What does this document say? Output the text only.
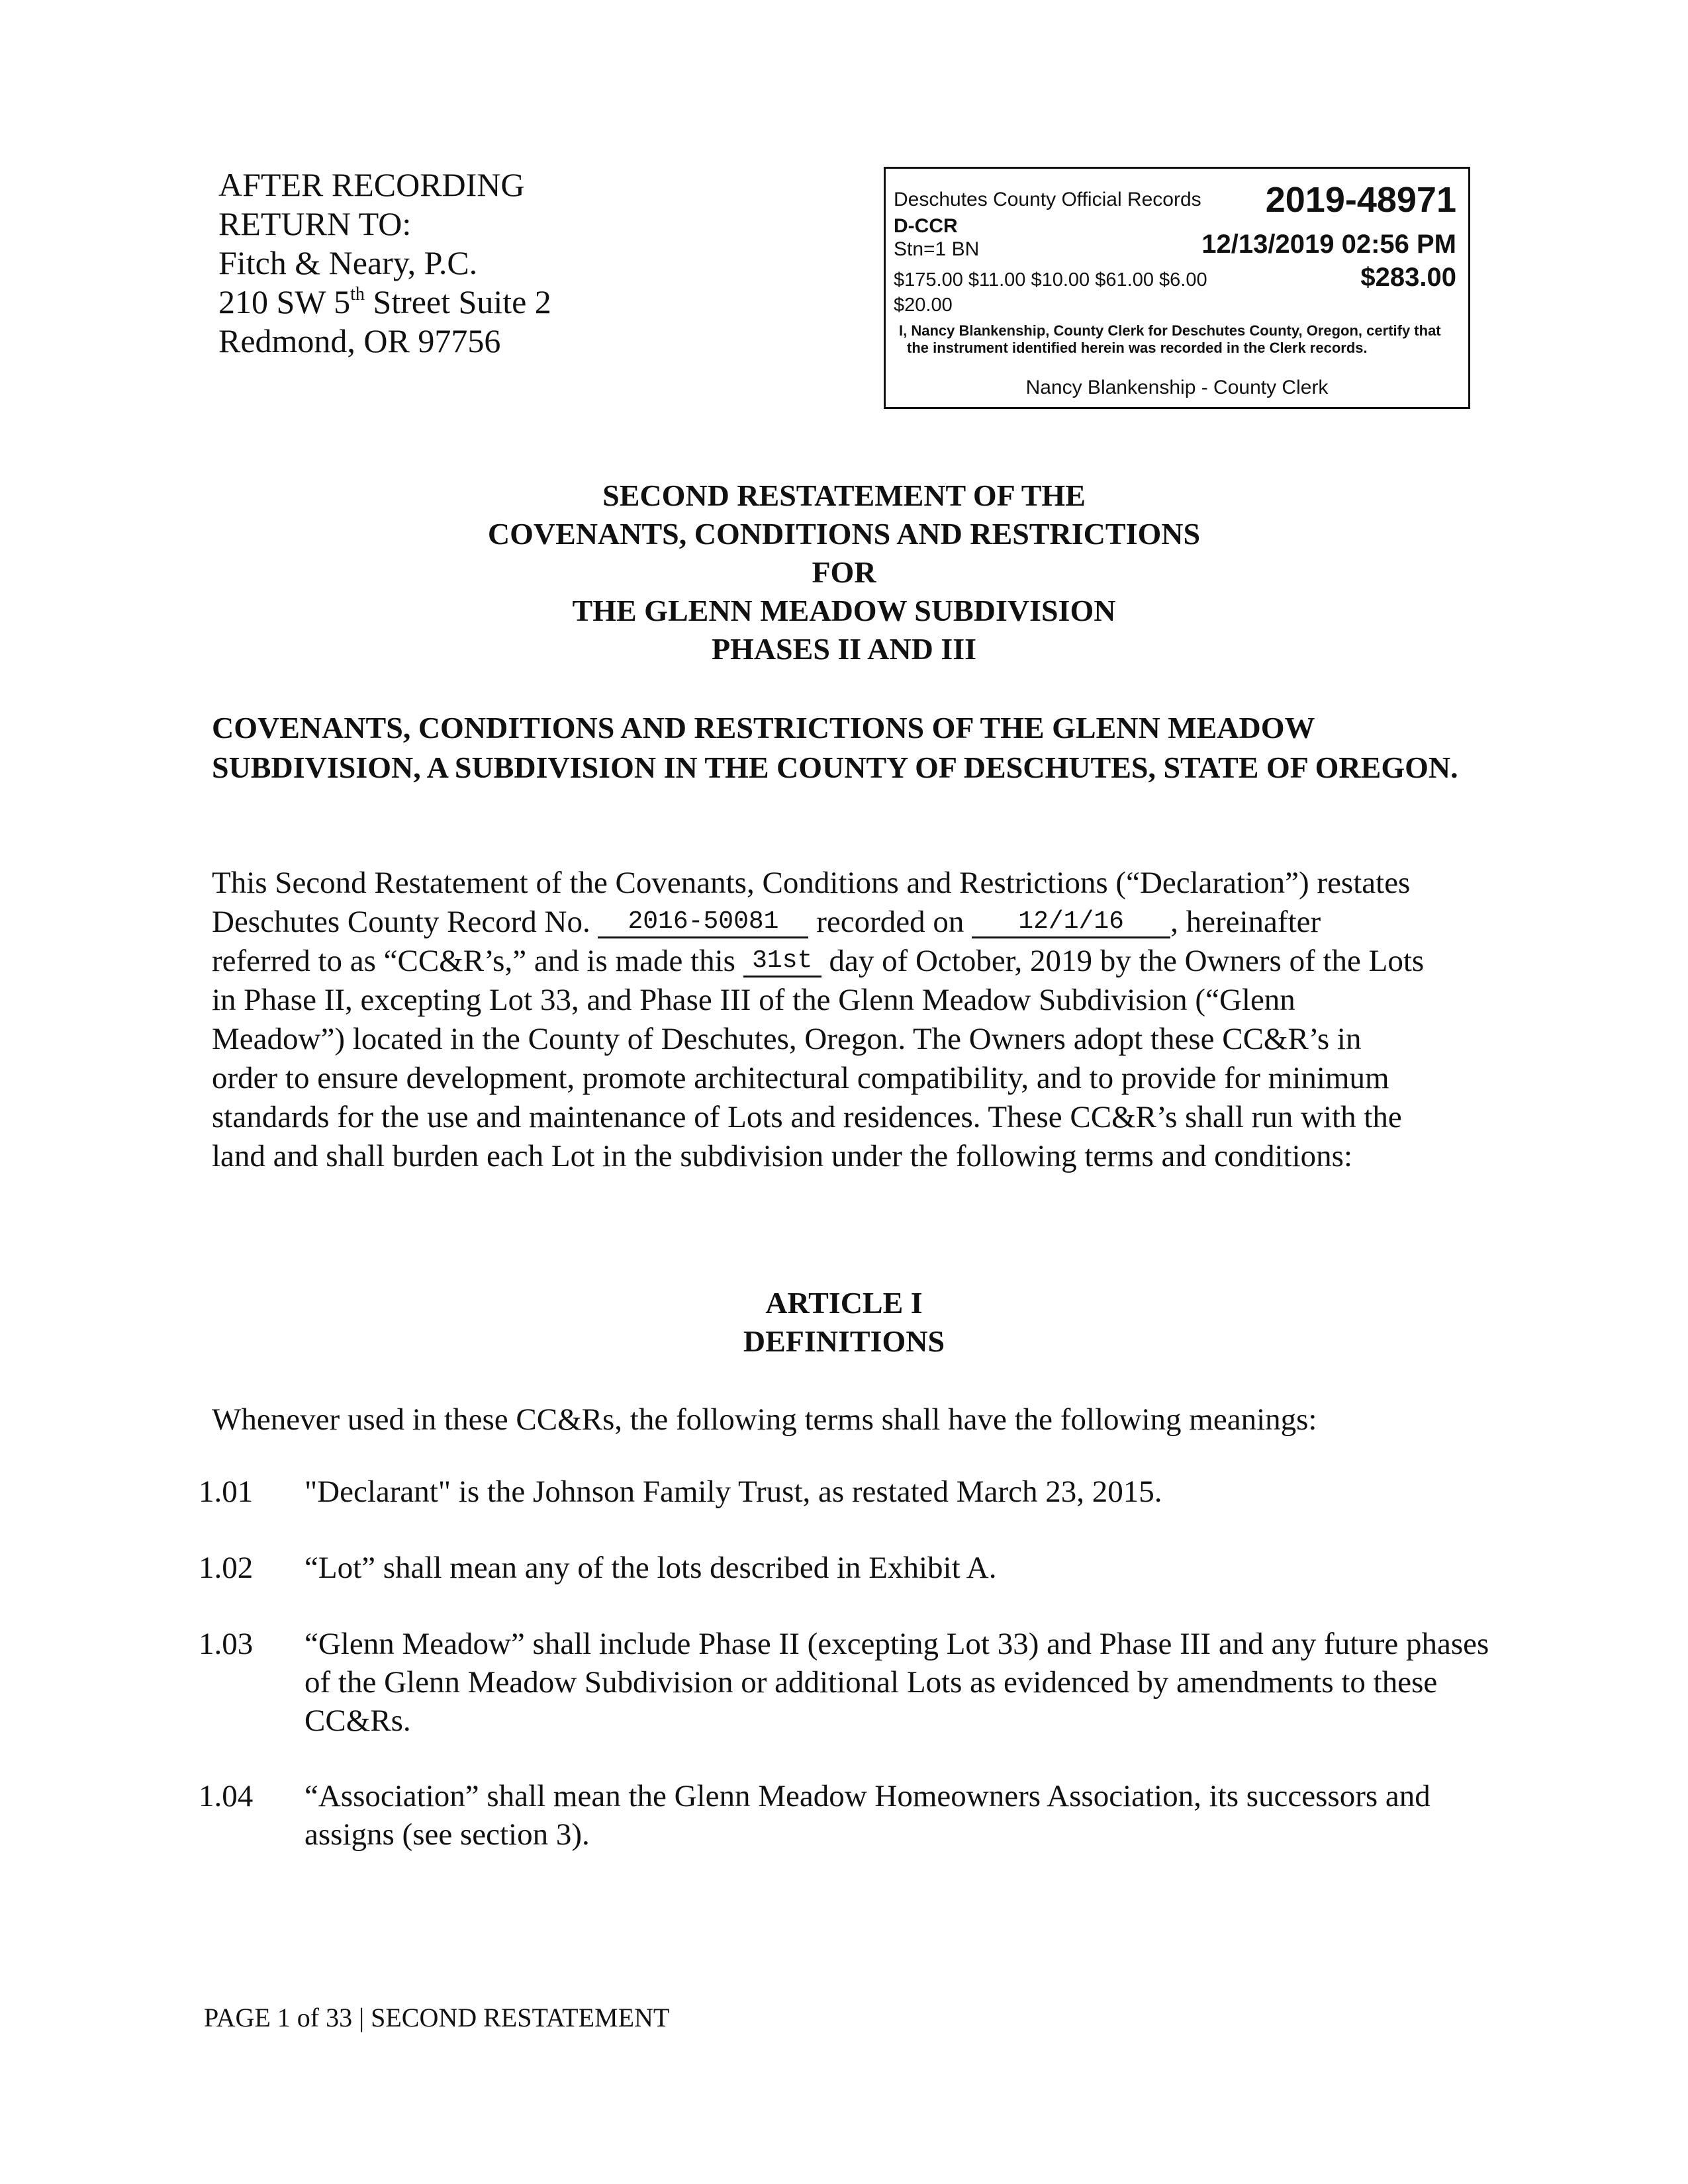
AFTER RECORDING
RETURN TO:
Fitch & Neary, P.C.
210 SW 5th Street Suite 2
Redmond, OR 97756
Deschutes County Official Records 2019-48971
D-CCR
Stn=1 BN	12/13/2019 02:56 PM
$175.00 $11.00 $10.00 $61.00 $6.00	$283.00
$20.00
I, Nancy Blankenship, County Clerk for Deschutes County, Oregon, certify that the instrument identified herein was recorded in the Clerk records.
Nancy Blankenship - County Clerk
SECOND RESTATEMENT OF THE
COVENANTS, CONDITIONS AND RESTRICTIONS
FOR
THE GLENN MEADOW SUBDIVISION
PHASES II AND III
COVENANTS, CONDITIONS AND RESTRICTIONS OF THE GLENN MEADOW SUBDIVISION, A SUBDIVISION IN THE COUNTY OF DESCHUTES, STATE OF OREGON.
This Second Restatement of the Covenants, Conditions and Restrictions (“Declaration”) restates
Deschutes County Record No. 2016-50081 recorded on 12/1/16 , hereinafter
referred to as “CC&R’s,” and is made this 31st day of October, 2019 by the Owners of the Lots
in Phase II, excepting Lot 33, and Phase III of the Glenn Meadow Subdivision (“Glenn
Meadow”) located in the County of Deschutes, Oregon. The Owners adopt these CC&R’s in
order to ensure development, promote architectural compatibility, and to provide for minimum
standards for the use and maintenance of Lots and residences. These CC&R’s shall run with the
land and shall burden each Lot in the subdivision under the following terms and conditions:
ARTICLE I
DEFINITIONS
Whenever used in these CC&Rs, the following terms shall have the following meanings:
1.01	"Declarant" is the Johnson Family Trust, as restated March 23, 2015.
1.02	“Lot” shall mean any of the lots described in Exhibit A.
1.03	“Glenn Meadow” shall include Phase II (excepting Lot 33) and Phase III and any future phases of the Glenn Meadow Subdivision or additional Lots as evidenced by amendments to these CC&Rs.
1.04	“Association” shall mean the Glenn Meadow Homeowners Association, its successors and assigns (see section 3).
PAGE 1 of 33 | SECOND RESTATEMENT
